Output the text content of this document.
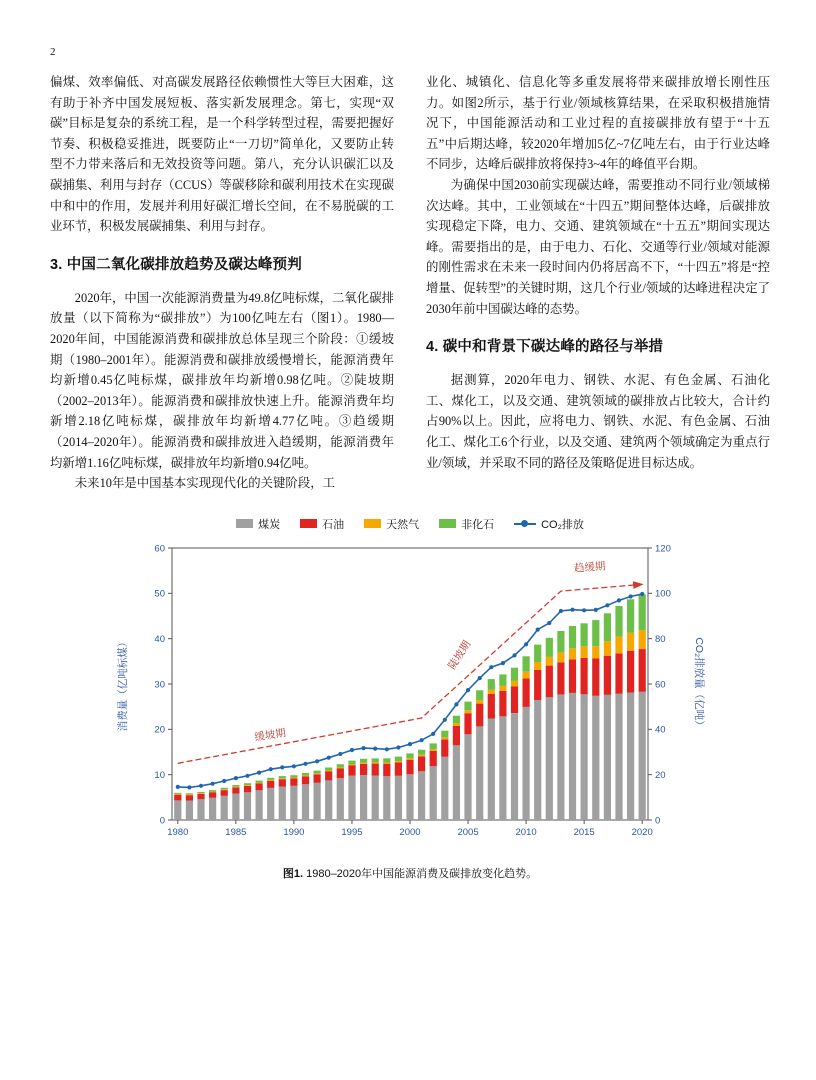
2

偏煤、效率偏低、对高碳发展路径依赖惯性大等巨大困难，这有助于补齐中国发展短板、落实新发展理念。第七，实现“双碳”目标是复杂的系统工程，是一个科学转型过程，需要把握好节奏、积极稳妥推进，既要防止“一刀切”简单化，又要防止转型不力带来落后和无效投资等问题。第八，充分认识碳汇以及碳捕集、利用与封存（CCUS）等碳移除和碳利用技术在实现碳中和中的作用，发展并利用好碳汇增长空间，在不易脱碳的工业环节，积极发展碳捕集、利用与封存。

3. 中国二氧化碳排放趋势及碳达峰预判

2020年，中国一次能源消费量为49.8亿吨标煤，二氧化碳排放量（以下简称为“碳排放”）为100亿吨左右（图1）。1980—2020年间，中国能源消费和碳排放总体呈现三个阶段：①缓坡期（1980–2001年）。能源消费和碳排放缓慢增长，能源消费年均新增0.45亿吨标煤，碳排放年均新增0.98亿吨。②陡坡期（2002–2013年）。能源消费和碳排放快速上升。能源消费年均新增2.18亿吨标煤，碳排放年均新增4.77亿吨。③趋缓期（2014–2020年）。能源消费和碳排放进入趋缓期，能源消费年均新增1.16亿吨标煤，碳排放年均新增0.94亿吨。

未来10年是中国基本实现现代化的关键阶段，工

业化、城镇化、信息化等多重发展将带来碳排放增长刚性压力。如图2所示，基于行业/领域核算结果，在采取积极措施情况下，中国能源活动和工业过程的直接碳排放有望于“十五五”中后期达峰，较2020年增加5亿~7亿吨左右，由于行业达峰不同步，达峰后碳排放将保持3~4年的峰值平台期。

为确保中国2030前实现碳达峰，需要推动不同行业/领域梯次达峰。其中，工业领域在“十四五”期间整体达峰，后碳排放实现稳定下降，电力、交通、建筑领域在“十五五”期间实现达峰。需要指出的是，由于电力、石化、交通等行业/领域对能源的刚性需求在未来一段时间内仍将居高不下，“十四五”将是“控增量、促转型”的关键时期，这几个行业/领域的达峰进程决定了2030年前中国碳达峰的态势。

4. 碳中和背景下碳达峰的路径与举措

据测算，2020年电力、钢铁、水泥、有色金属、石油化工、煤化工，以及交通、建筑领域的碳排放占比较大，合计约占90%以上。因此，应将电力、钢铁、水泥、有色金属、石油化工、煤化工6个行业，以及交通、建筑两个领域确定为重点行业/领域，并采取不同的路径及策略促进目标达成。

煤炭	石油	天然气	非化石	CO₂排放
0
10
20
30
40
50
60
0
20
40
60
80
100
120
1980	1985	1990	1995	2000	2005	2010	2015	2020
缓坡期
陡坡期
趋缓期
消费量（亿吨标煤）	CO₂排放量（亿吨）
图1. 1980–2020年中国能源消费及碳排放变化趋势。
